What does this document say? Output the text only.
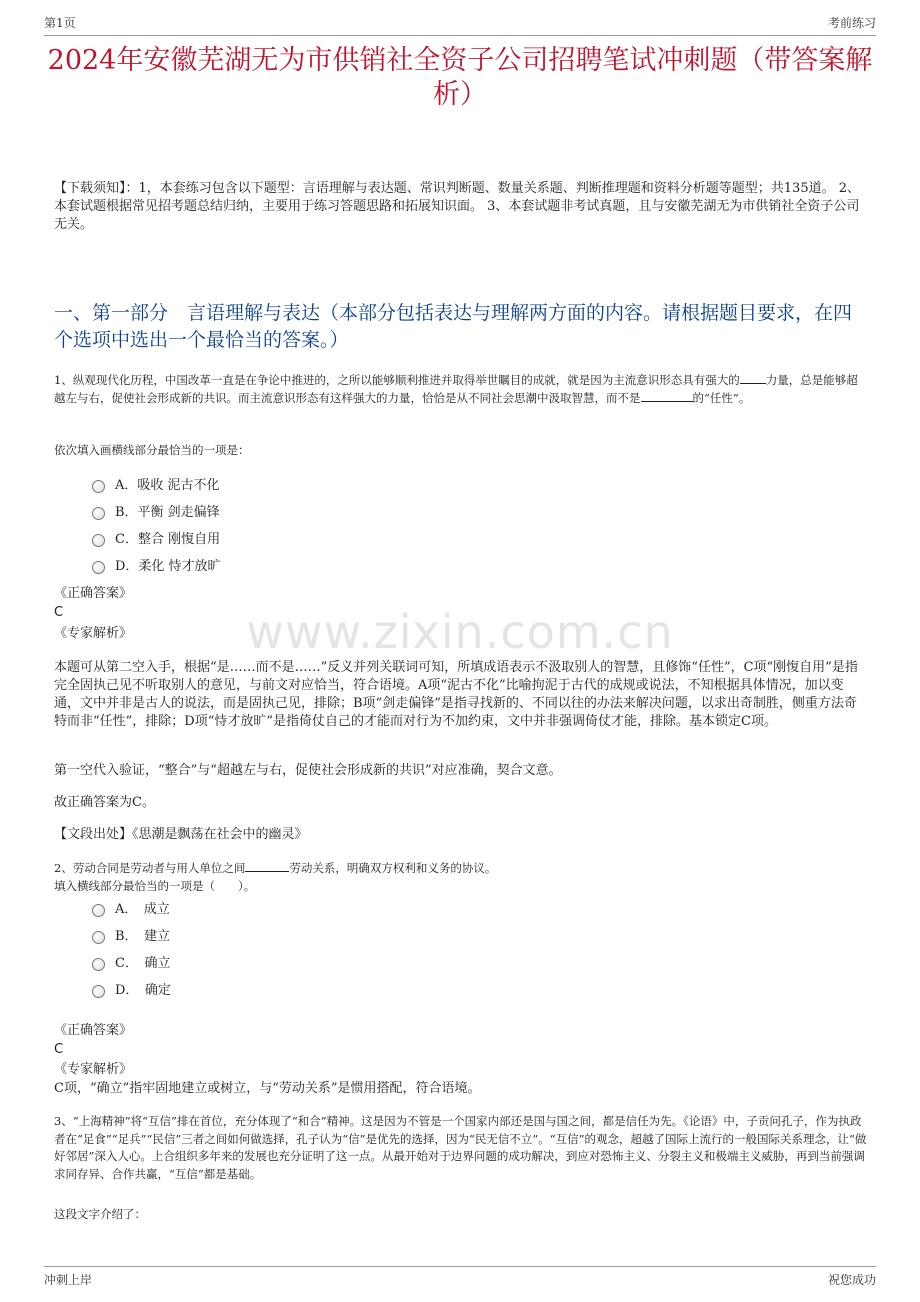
第1页	考前练习
2024年安徽芜湖无为市供销社全资子公司招聘笔试冲刺题（带答案解析）
【下载须知】：1，本套练习包含以下题型：言语理解与表达题、常识判断题、数量关系题、判断推理题和资料分析题等题型；共135道。 2、本套试题根据常见招考题总结归纳，主要用于练习答题思路和拓展知识面。 3、本套试题非考试真题，且与安徽芜湖无为市供销社全资子公司无关。
一、第一部分　言语理解与表达（本部分包括表达与理解两方面的内容。请根据题目要求，在四个选项中选出一个最恰当的答案。）
1、纵观现代化历程，中国改革一直是在争论中推进的，之所以能够顺利推进并取得举世瞩目的成就，就是因为主流意识形态具有强大的 力量，总是能够超越左与右，促使社会形成新的共识。而主流意识形态有这样强大的力量，恰恰是从不同社会思潮中汲取智慧，而不是	的“任性”。
依次填入画横线部分最恰当的一项是：
A．吸收 泥古不化
B．平衡 剑走偏锋
C．整合 刚愎自用
D．柔化 恃才放旷
《正确答案》
C
《专家解析》	www.zixin.com.cn
本题可从第二空入手，根据“是……而不是……”反义并列关联词可知，所填成语表示不汲取别人的智慧，且修饰“任性”，C项“刚愎自用”是指完全固执己见不听取别人的意见，与前文对应恰当，符合语境。A项“泥古不化”比喻拘泥于古代的成规或说法，不知根据具体情况，加以变通，文中并非是古人的说法，而是固执己见，排除；B项“剑走偏锋”是指寻找新的、不同以往的办法来解决问题，以求出奇制胜，侧重方法奇特而非“任性”，排除；D项“恃才放旷”是指倚仗自己的才能而对行为不加约束，文中并非强调倚仗才能，排除。基本锁定C项。
第一空代入验证，“整合”与“超越左与右，促使社会形成新的共识”对应准确，契合文意。
故正确答案为C。
【文段出处】《思潮是飘荡在社会中的幽灵》
2、劳动合同是劳动者与用人单位之间	劳动关系，明确双方权利和义务的协议。
填入横线部分最恰当的一项是（　　）。
A．　成立
B．　建立
C．　确立
D．　确定
《正确答案》
C
《专家解析》
C项，“确立”指牢固地建立或树立，与“劳动关系”是惯用搭配，符合语境。
3、“上海精神”将“互信”排在首位，充分体现了“和合”精神。这是因为不管是一个国家内部还是国与国之间，都是信任为先。《论语》中，子贡问孔子，作为执政者在“足食”“足兵”“民信”三者之间如何做选择，孔子认为“信”是优先的选择，因为“民无信不立”。“互信”的观念，超越了国际上流行的一般国际关系理念，让“做好邻居”深入人心。上合组织多年来的发展也充分证明了这一点。从最开始对于边界问题的成功解决，到应对恐怖主义、分裂主义和极端主义威胁，再到当前强调求同存异、合作共赢，“互信”都是基础。
这段文字介绍了：
冲刺上岸	祝您成功
